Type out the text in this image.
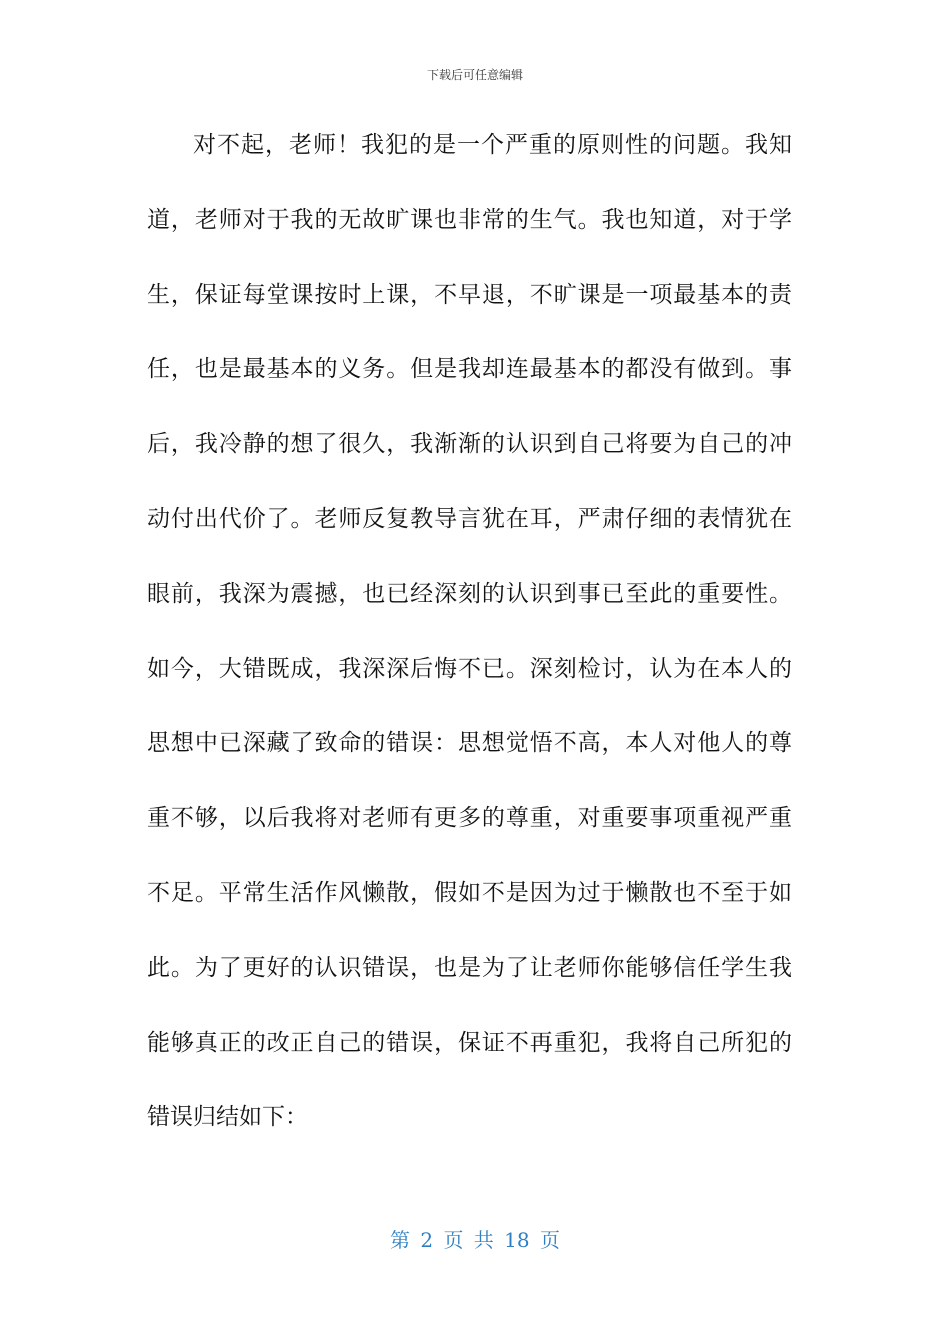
下载后可任意编辑
对不起，老师！我犯的是一个严重的原则性的问题。我知
道，老师对于我的无故旷课也非常的生气。我也知道，对于学
生，保证每堂课按时上课，不早退，不旷课是一项最基本的责
任，也是最基本的义务。但是我却连最基本的都没有做到。事
后，我冷静的想了很久，我渐渐的认识到自己将要为自己的冲
动付出代价了。老师反复教导言犹在耳，严肃仔细的表情犹在
眼前，我深为震撼，也已经深刻的认识到事已至此的重要性。
如今，大错既成，我深深后悔不已。深刻检讨，认为在本人的
思想中已深藏了致命的错误：思想觉悟不高，本人对他人的尊
重不够，以后我将对老师有更多的尊重，对重要事项重视严重
不足。平常生活作风懒散，假如不是因为过于懒散也不至于如
此。为了更好的认识错误，也是为了让老师你能够信任学生我
能够真正的改正自己的错误，保证不再重犯，我将自己所犯的
错误归结如下：
第 2 页 共 18 页
